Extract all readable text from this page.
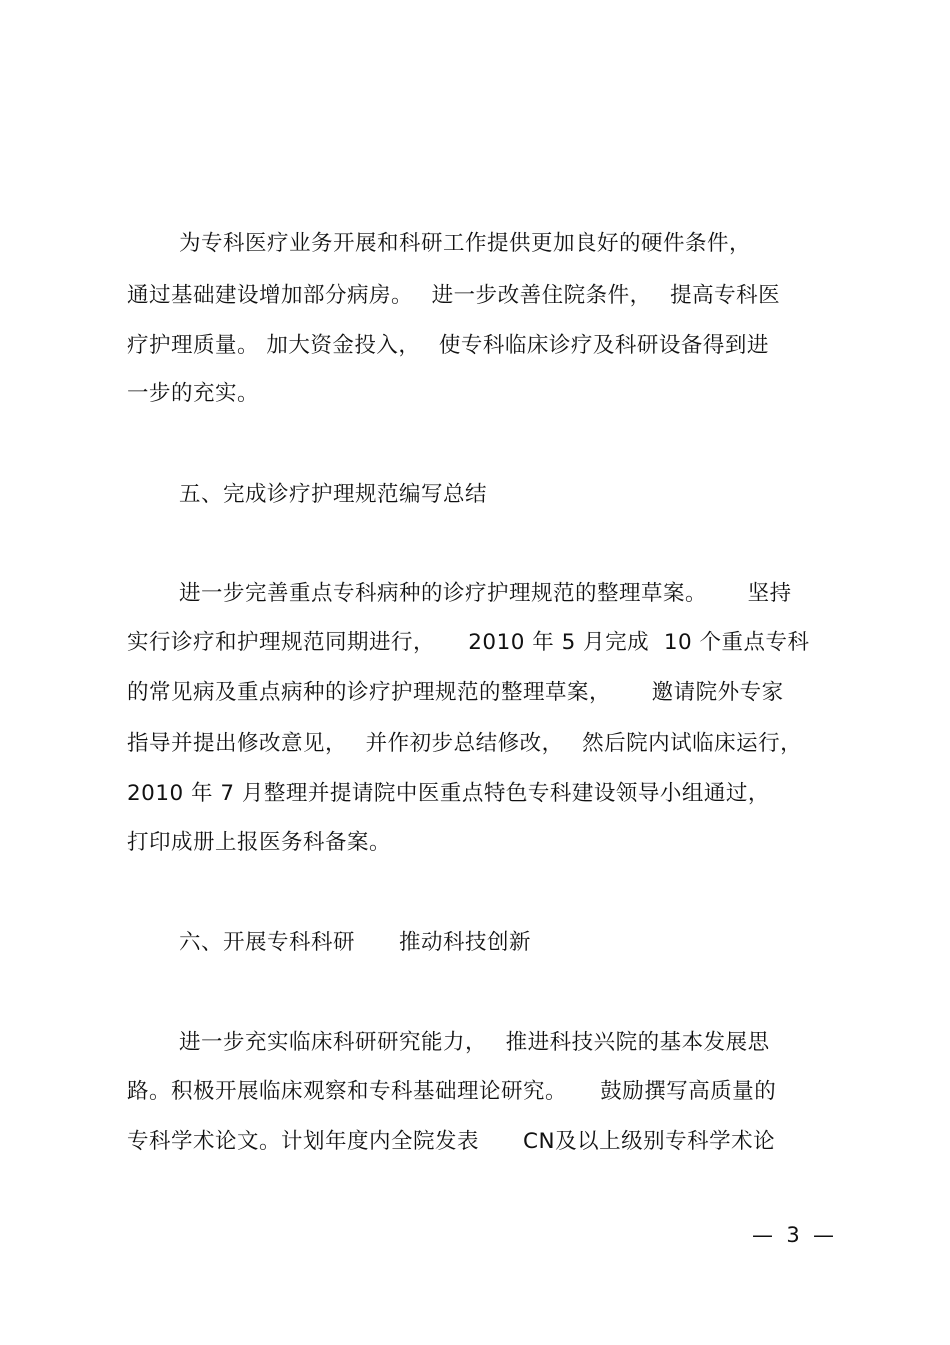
为专科医疗业务开展和科研工作提供更加良好的硬件条件，
通过基础建设增加部分病房。　 进一步改善住院条件，　 提高专科医
疗护理质量。 加大资金投入，　 使专科临床诊疗及科研设备得到进
一步的充实。
五、完成诊疗护理规范编写总结
进一步完善重点专科病种的诊疗护理规范的整理草案。　　 坚持
实行诊疗和护理规范同期进行，　　2010 年 5 月完成  10 个重点专科
的常见病及重点病种的诊疗护理规范的整理草案，　　 邀请院外专家
指导并提出修改意见，　 并作初步总结修改，　 然后院内试临床运行，
2010 年 7 月整理并提请院中医重点特色专科建设领导小组通过，
打印成册上报医务科备案。
六、开展专科科研　　推动科技创新
进一步充实临床科研研究能力，　 推进科技兴院的基本发展思
路。积极开展临床观察和专科基础理论研究。　　鼓励撰写高质量的
专科学术论文。计划年度内全院发表　　CN及以上级别专科学术论
—  3  —
